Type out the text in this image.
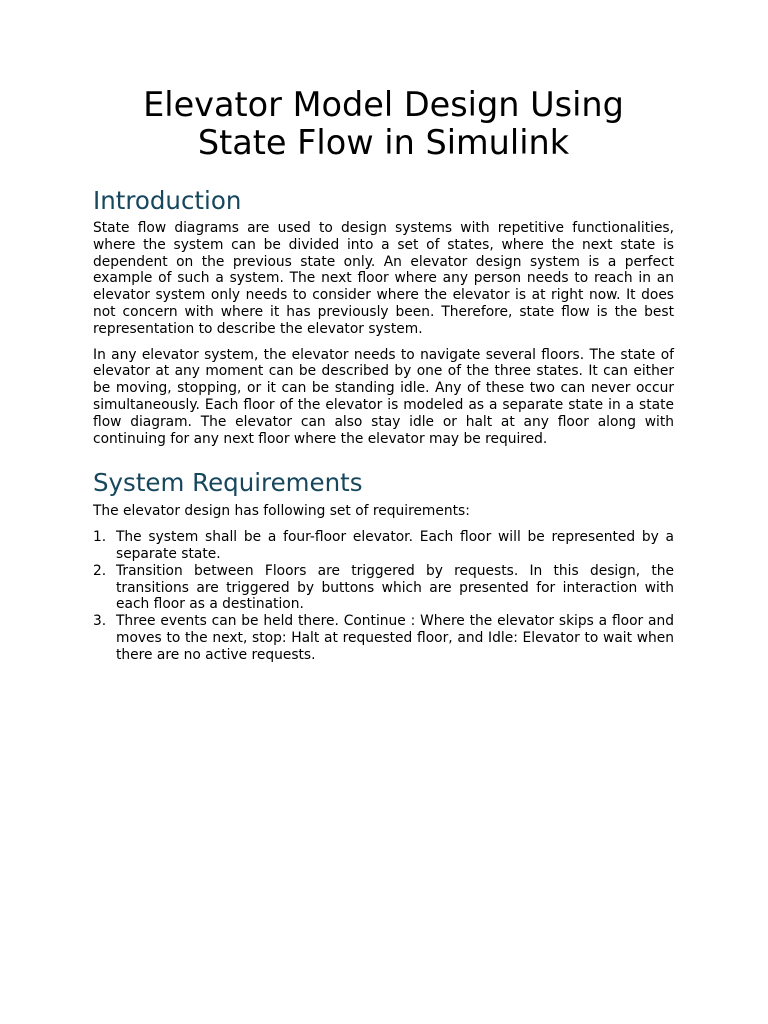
Elevator Model Design Using
State Flow in Simulink
Introduction

State flow diagrams are used to design systems with repetitive functionalities, where the system can be divided into a set of states, where the next state is dependent on the previous state only. An elevator design system is a perfect example of such a system. The next floor where any person needs to reach in an elevator system only needs to consider where the elevator is at right now. It does not concern with where it has previously been. Therefore, state flow is the best representation to describe the elevator system.

In any elevator system, the elevator needs to navigate several floors. The state of elevator at any moment can be described by one of the three states. It can either be moving, stopping, or it can be standing idle. Any of these two can never occur simultaneously. Each floor of the elevator is modeled as a separate state in a state flow diagram. The elevator can also stay idle or halt at any floor along with continuing for any next floor where the elevator may be required.

System Requirements

The elevator design has following set of requirements:

1. The system shall be a four-floor elevator. Each floor will be represented by a separate state.
2. Transition between Floors are triggered by requests. In this design, the transitions are triggered by buttons which are presented for interaction with each floor as a destination.
3. Three events can be held there. Continue : Where the elevator skips a floor and moves to the next, stop: Halt at requested floor, and Idle: Elevator to wait when there are no active requests.
